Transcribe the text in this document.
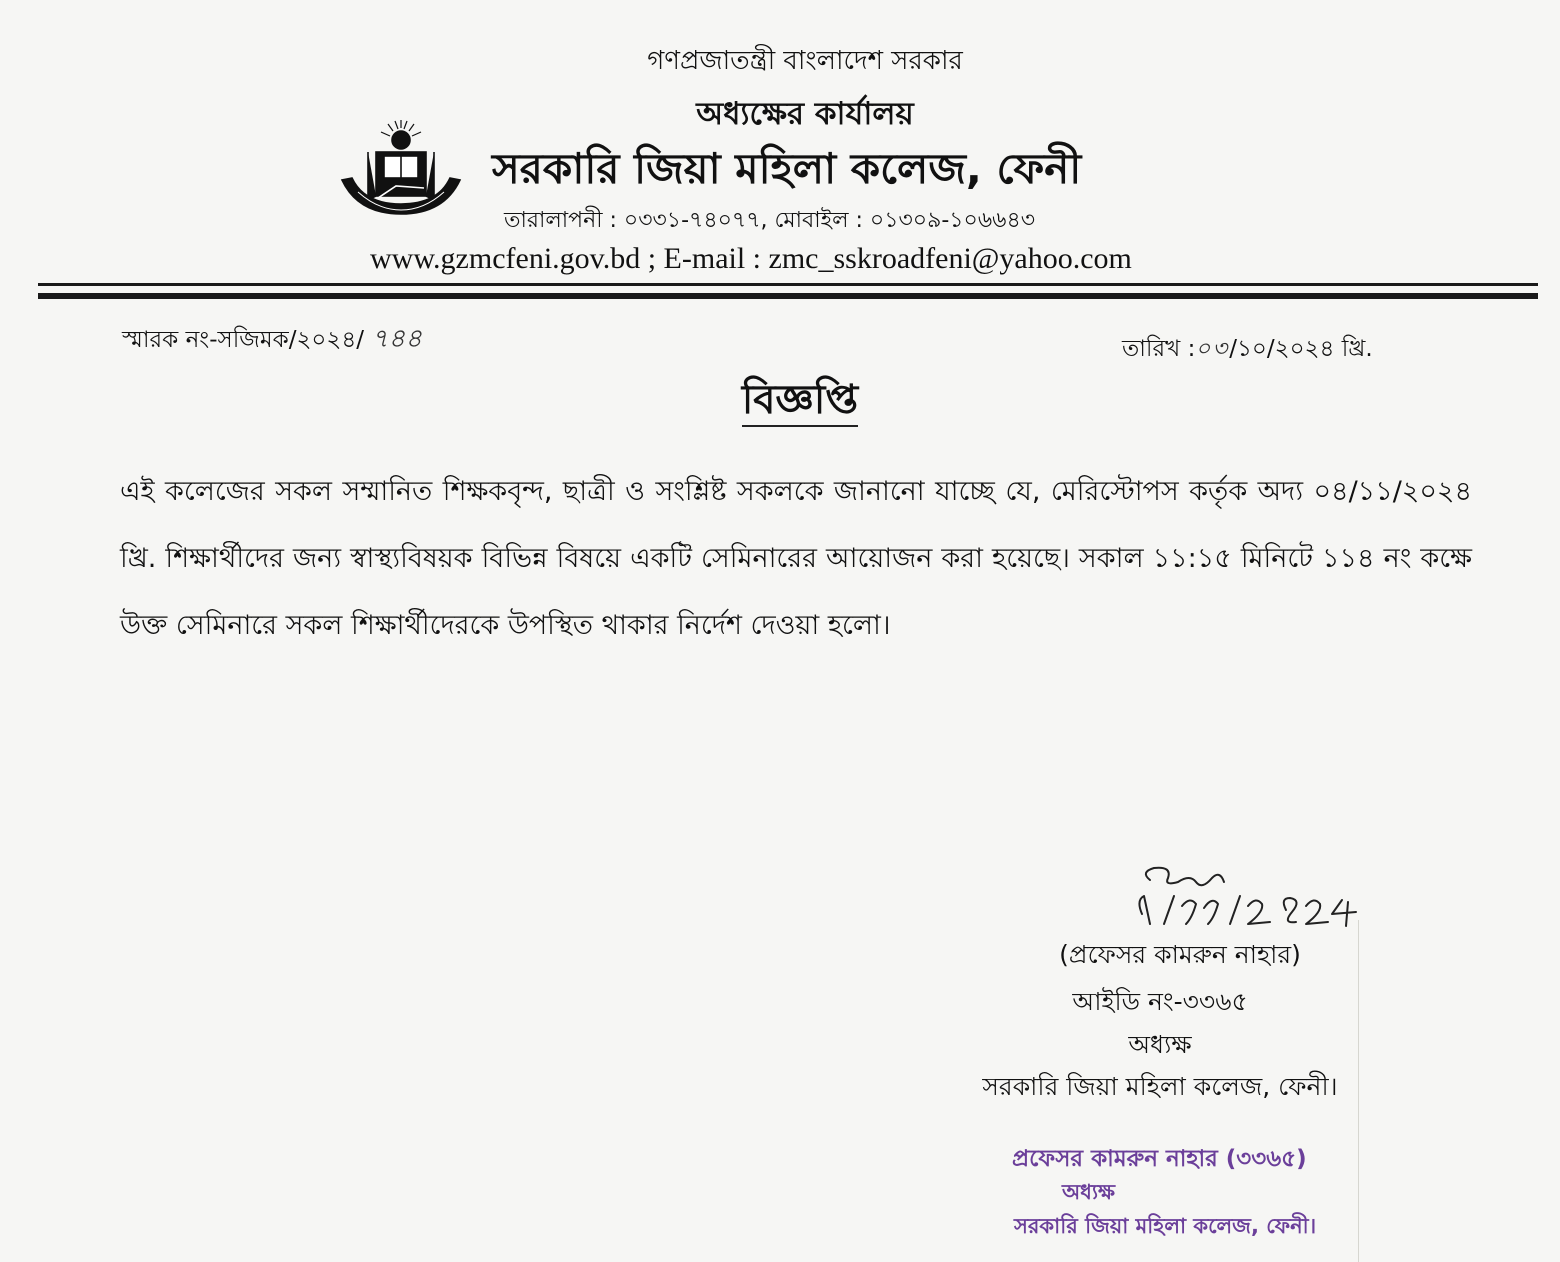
গণপ্রজাতন্ত্রী বাংলাদেশ সরকার
অধ্যক্ষের কার্যালয়
সরকারি জিয়া মহিলা কলেজ, ফেনী
তারালাপনী : ০৩৩১-৭৪০৭৭, মোবাইল : ০১৩০৯-১০৬৬৪৩
www.gzmcfeni.gov.bd ; E-mail : zmc_sskroadfeni@yahoo.com
স্মারক নং-সজিমক/২০২৪/ ৭৪৪	তারিখ :০৩/১০/২০২৪ খ্রি.
বিজ্ঞপ্তি
এই কলেজের সকল সম্মানিত শিক্ষকবৃন্দ, ছাত্রী ও সংশ্লিষ্ট সকলকে জানানো যাচ্ছে যে, মেরিস্টোপস কর্তৃক অদ্য ০৪/১১/২০২৪ খ্রি. শিক্ষার্থীদের জন্য স্বাস্থ্যবিষয়ক বিভিন্ন বিষয়ে একটি সেমিনারের আয়োজন করা হয়েছে। সকাল ১১:১৫ মিনিটে ১১৪ নং কক্ষে উক্ত সেমিনারে সকল শিক্ষার্থীদেরকে উপস্থিত থাকার নির্দেশ দেওয়া হলো।
(প্রফেসর কামরুন নাহার)
আইডি নং-৩৩৬৫
অধ্যক্ষ
সরকারি জিয়া মহিলা কলেজ, ফেনী।
প্রফেসর কামরুন নাহার (৩৩৬৫)
অধ্যক্ষ
সরকারি জিয়া মহিলা কলেজ, ফেনী।
